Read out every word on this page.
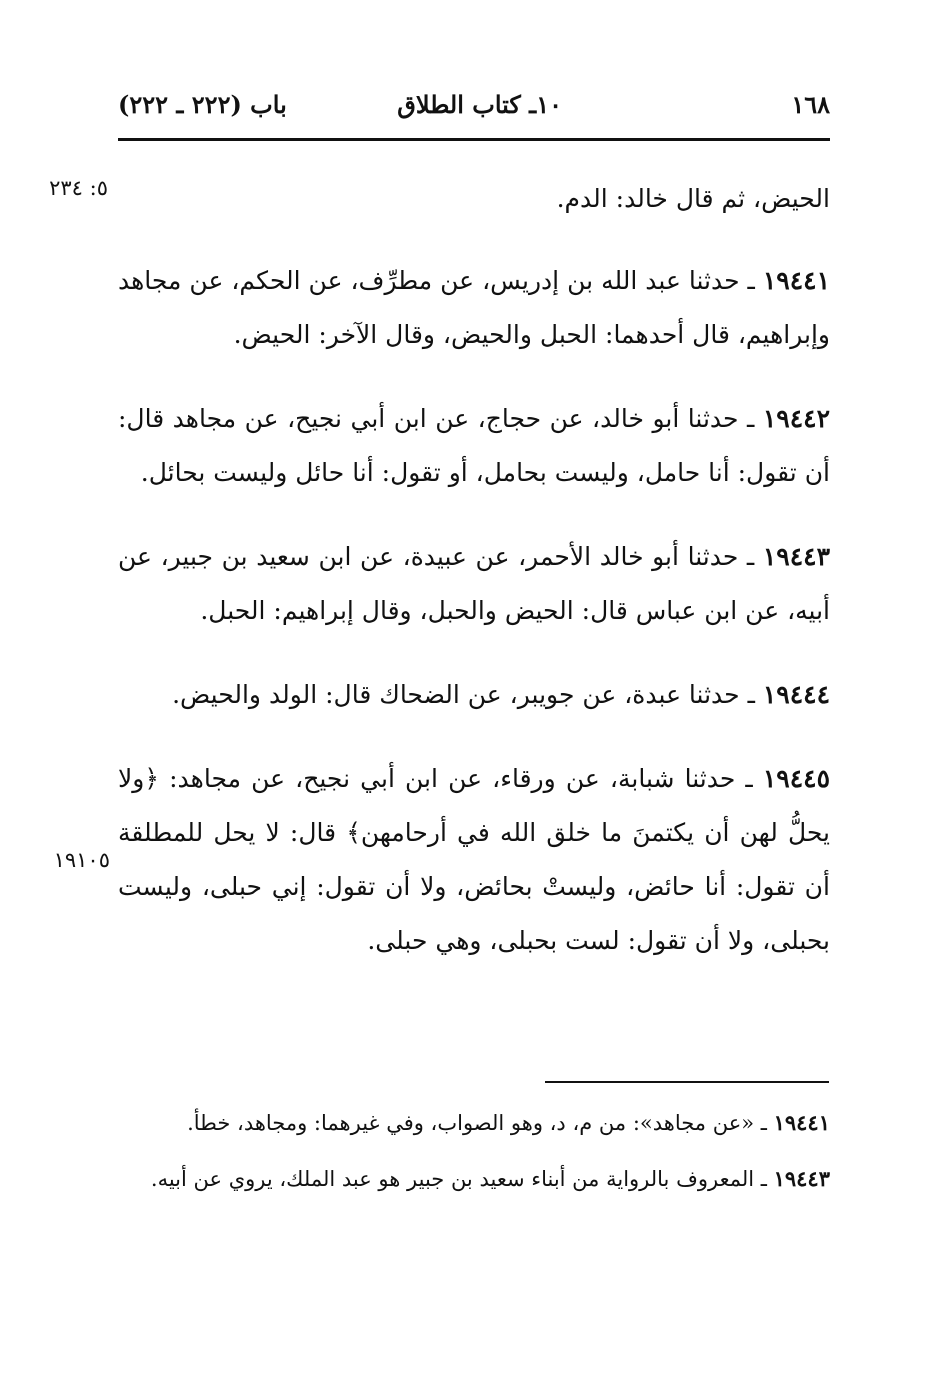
١٦٨
١٠ـ كتاب الطلاق
باب (٢٢٢ ـ ٢٢٢)
٥: ٢٣٤
١٩١٠٥

الحيض، ثم قال خالد: الدم.

١٩٤٤١ ـ حدثنا عبد الله بن إدريس، عن مطرِّف، عن الحكم، عن مجاهد وإبراهيم، قال أحدهما: الحبل والحيض، وقال الآخر: الحيض.

١٩٤٤٢ ـ حدثنا أبو خالد، عن حجاج، عن ابن أبي نجيح، عن مجاهد قال: أن تقول: أنا حامل، وليست بحامل، أو تقول: أنا حائل وليست بحائل.

١٩٤٤٣ ـ حدثنا أبو خالد الأحمر، عن عبيدة، عن ابن سعيد بن جبير، عن أبيه، عن ابن عباس قال: الحيض والحبل، وقال إبراهيم: الحبل.

١٩٤٤٤ ـ حدثنا عبدة، عن جويبر، عن الضحاك قال: الولد والحيض.

١٩٤٤٥ ـ حدثنا شبابة، عن ورقاء، عن ابن أبي نجيح، عن مجاهد: ﴿ولا يحلُّ لهن أن يكتمنَ ما خلق الله في أرحامهن﴾ قال: لا يحل للمطلقة أن تقول: أنا حائض، وليستْ بحائض، ولا أن تقول: إني حبلى، وليست بحبلى، ولا أن تقول: لست بحبلى، وهي حبلى.

١٩٤٤١ ـ «عن مجاهد»: من م، د، وهو الصواب، وفي غيرهما: ومجاهد، خطأ.

١٩٤٤٣ ـ المعروف بالرواية من أبناء سعيد بن جبير هو عبد الملك، يروي عن أبيه.
